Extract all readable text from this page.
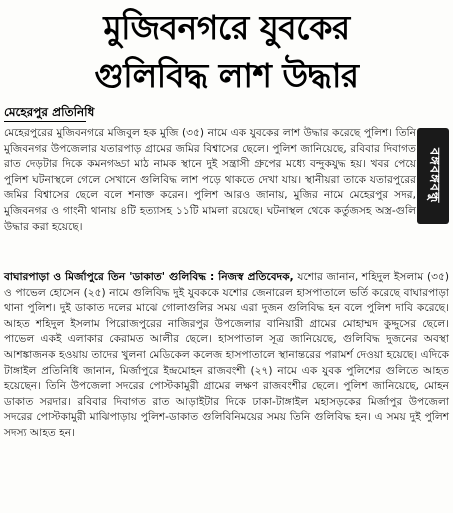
মুজিবনগরে যুবকের
গুলিবিদ্ধ লাশ উদ্ধার
মেহেরপুর প্রতিনিধি
বঙ্গবঙ্গবন্ধু

মেহেরপুরের মুজিবনগরে মজিবুল হক মুজি (৩৫) নামে এক যুবকের লাশ উদ্ধার করেছে পুলিশ। তিনি মুজিবনগর উপজেলার যতারপাড় গ্রামের জমির বিশ্বাসের ছেলে। পুলিশ জানিয়েছে, রবিবার দিবাগত রাত দেড়টার দিকে কমনগড্ডা মাঠ নামক স্থানে দুই সন্ত্রাসী গ্রুপের মধ্যে বন্দুকযুদ্ধ হয়। খবর পেয়ে পুলিশ ঘটনাস্থলে গেলে সেখানে গুলিবিদ্ধ লাশ পড়ে থাকতে দেখা যায়। স্থানীয়রা তাকে যতারপুরের জমির বিশ্বাসের ছেলে বলে শনাক্ত করেন। পুলিশ আরও জানায়, মুজির নামে মেহেরপুর সদর, মুজিবনগর ও গাংনী থানায় ৪টি হত্যাসহ ১১টি মামলা রয়েছে। ঘটনাস্থল থেকে কর্তুজসহ অস্ত্র-গুলি উদ্ধার করা হয়েছে।

বাঘারপাড়া ও মির্জাপুরে তিন 'ডাকাত' গুলিবিদ্ধ : নিজস্ব প্রতিবেদক, যশোর জানান, শহিদুল ইসলাম (৩৫) ও পাভেল হোসেন (২৫) নামে গুলিবিদ্ধ দুই যুবককে যশোর জেনারেল হাসপাতালে ভর্তি করেছে বাঘারপাড়া থানা পুলিশ। দুই ডাকাত দলের মাঝে গোলাগুলির সময় এরা দুজন গুলিবিদ্ধ হন বলে পুলিশ দাবি করেছে। আহত শহিদুল ইসলাম পিরোজপুরের নাজিরপুর উপজেলার বানিয়ারী গ্রামের মোহাম্মদ কুদ্দুসের ছেলে। পাভেল একই এলাকার কেরামত আলীর ছেলে। হাসপাতাল সূত্র জানিয়েছে, গুলিবিদ্ধ দুজনের অবস্থা আশঙ্কাজনক হওয়ায় তাদের খুলনা মেডিকেল কলেজ হাসপাতালে স্থানান্তরের পরামর্শ দেওয়া হয়েছে। এদিকে টাঙ্গাইল প্রতিনিধি জানান, মির্জাপুরে ইন্দ্রমোহন রাজবংশী (২৭) নামে এক যুবক পুলিশের গুলিতে আহত হয়েছেন। তিনি উপজেলা সদরের পোস্টকামুরী গ্রামের লক্ষণ রাজবংশীর ছেলে। পুলিশ জানিয়েছে, মোহন ডাকাত সরদার। রবিবার দিবাগত রাত আড়াইটার দিকে ঢাকা-টাঙ্গাইল মহাসড়কের মির্জাপুর উপজেলা সদরের পোস্টকামুরী মাঝিপাড়ায় পুলিশ-ডাকাত গুলিবিনিময়ের সময় তিনি গুলিবিদ্ধ হন। এ সময় দুই পুলিশ সদস্য আহত হন।
